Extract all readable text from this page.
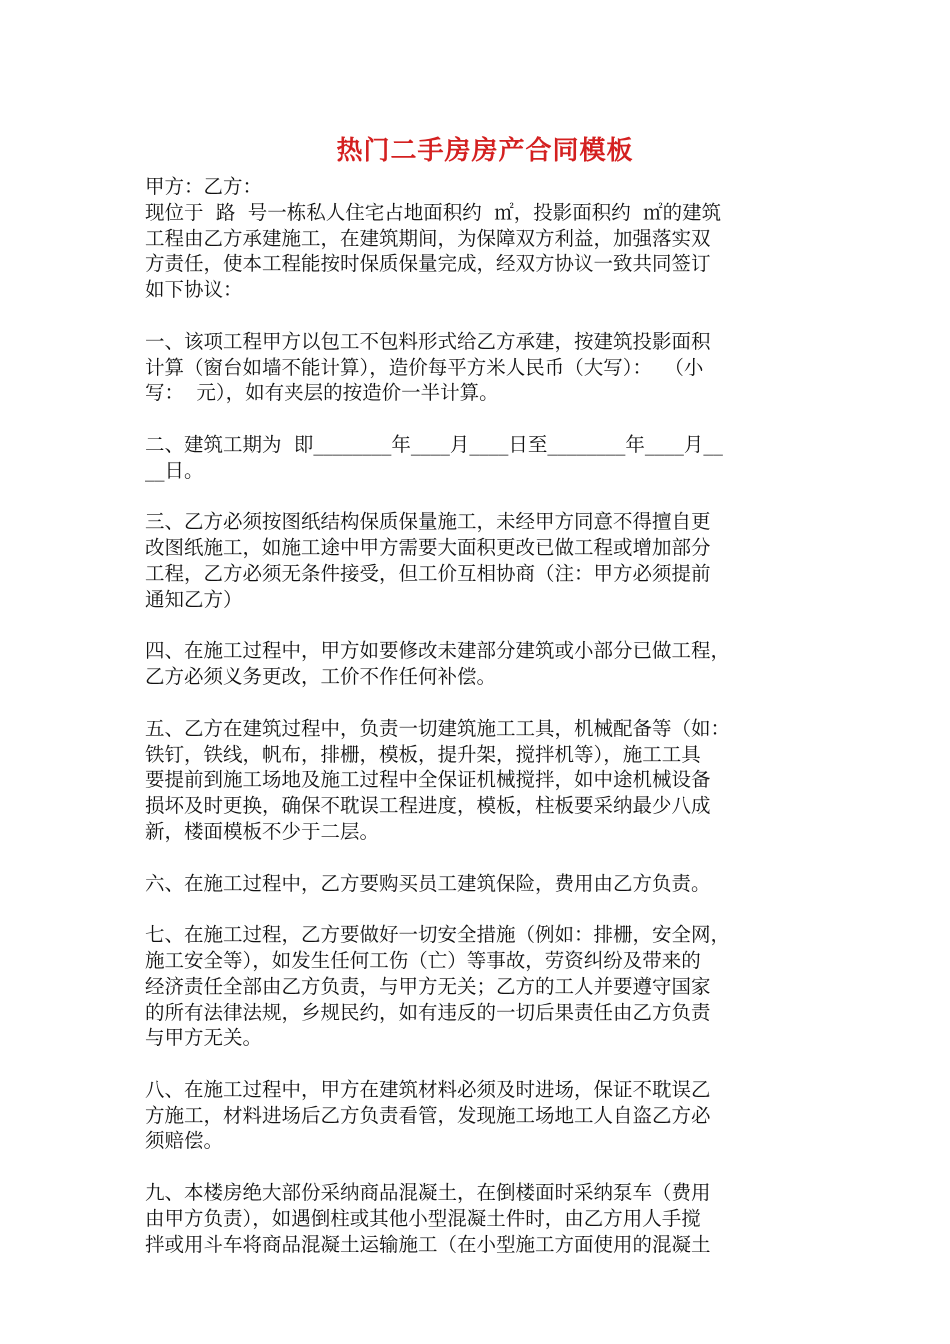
热门二手房房产合同模板
甲方：乙方：
现位于  路  号一栋私人住宅占地面积约  ㎡，投影面积约  ㎡的建筑
工程由乙方承建施工，在建筑期间，为保障双方利益，加强落实双
方责任，使本工程能按时保质保量完成，经双方协议一致共同签订
如下协议：
一、该项工程甲方以包工不包料形式给乙方承建，按建筑投影面积
计算（窗台如墙不能计算），造价每平方米人民币（大写）：  （小
写：  元），如有夹层的按造价一半计算。
二、建筑工期为  即________年____月____日至________年____月__
__日。
三、乙方必须按图纸结构保质保量施工，未经甲方同意不得擅自更
改图纸施工，如施工途中甲方需要大面积更改已做工程或增加部分
工程，乙方必须无条件接受，但工价互相协商（注：甲方必须提前
通知乙方）
四、在施工过程中，甲方如要修改未建部分建筑或小部分已做工程，
乙方必须义务更改，工价不作任何补偿。
五、乙方在建筑过程中，负责一切建筑施工工具，机械配备等（如：
铁钉，铁线，帆布，排栅，模板，提升架，搅拌机等），施工工具
要提前到施工场地及施工过程中全保证机械搅拌，如中途机械设备
损坏及时更换，确保不耽误工程进度，模板，柱板要采纳最少八成
新，楼面模板不少于二层。
六、在施工过程中，乙方要购买员工建筑保险，费用由乙方负责。
七、在施工过程，乙方要做好一切安全措施（例如：排栅，安全网，
施工安全等），如发生任何工伤（亡）等事故，劳资纠纷及带来的
经济责任全部由乙方负责，与甲方无关；乙方的工人并要遵守国家
的所有法律法规，乡规民约，如有违反的一切后果责任由乙方负责
与甲方无关。
八、在施工过程中，甲方在建筑材料必须及时进场，保证不耽误乙
方施工，材料进场后乙方负责看管，发现施工场地工人自盗乙方必
须赔偿。
九、本楼房绝大部份采纳商品混凝土，在倒楼面时采纳泵车（费用
由甲方负责），如遇倒柱或其他小型混凝土件时，由乙方用人手搅
拌或用斗车将商品混凝土运输施工（在小型施工方面使用的混凝土
